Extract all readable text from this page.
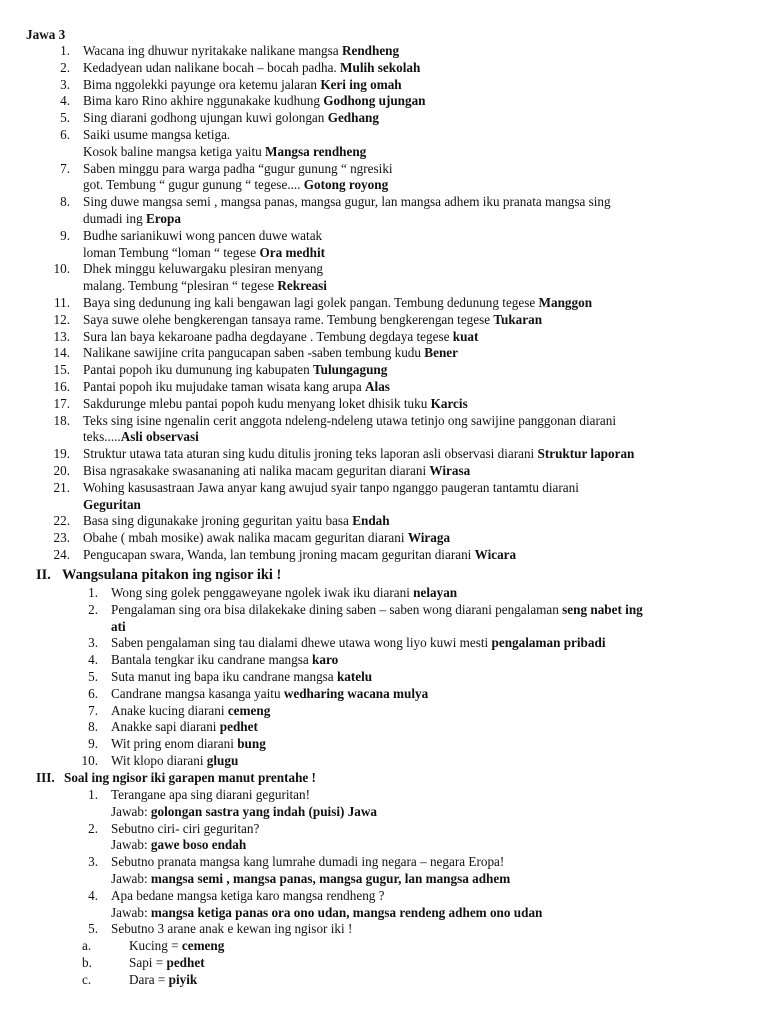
Jawa 3
1. Wacana ing dhuwur nyritakake nalikane mangsa Rendheng
2. Kedadyean udan nalikane bocah – bocah padha. Mulih sekolah
3. Bima nggolekki payunge ora ketemu jalaran Keri ing omah
4. Bima karo Rino akhire nggunakake kudhung Godhong ujungan
5. Sing diarani godhong ujungan kuwi golongan Gedhang
6. Saiki usume mangsa ketiga.
Kosok baline mangsa ketiga yaitu Mangsa rendheng
7. Saben minggu para warga padha “gugur gunung “ ngresiki
got. Tembung “ gugur gunung “ tegese.... Gotong royong
8. Sing duwe mangsa semi , mangsa panas, mangsa gugur, lan mangsa adhem iku pranata mangsa sing
dumadi ing Eropa
9. Budhe sarianikuwi wong pancen duwe watak
loman Tembung “loman “ tegese Ora medhit
10. Dhek minggu keluwargaku plesiran menyang
malang. Tembung “plesiran “ tegese Rekreasi
11. Baya sing dedunung ing kali bengawan lagi golek pangan. Tembung dedunung tegese Manggon
12. Saya suwe olehe bengkerengan tansaya rame. Tembung bengkerengan tegese Tukaran
13. Sura lan baya kekaroane padha degdayane . Tembung degdaya tegese kuat
14. Nalikane sawijine crita pangucapan saben -saben tembung kudu Bener
15. Pantai popoh iku dumunung ing kabupaten Tulungagung
16. Pantai popoh iku mujudake taman wisata kang arupa Alas
17. Sakdurunge mlebu pantai popoh kudu menyang loket dhisik tuku Karcis
18. Teks sing isine ngenalin cerit anggota ndeleng-ndeleng utawa tetinjo ong sawijine panggonan diarani
teks.....Asli observasi
19. Struktur utawa tata aturan sing kudu ditulis jroning teks laporan asli observasi diarani Struktur laporan
20. Bisa ngrasakake swasananing ati nalika macam geguritan diarani Wirasa
21. Wohing kasusastraan Jawa anyar kang awujud syair tanpo nganggo paugeran tantamtu diarani
Geguritan
22. Basa sing digunakake jroning geguritan yaitu basa Endah
23. Obahe ( mbah mosike) awak nalika macam geguritan diarani Wiraga
24. Pengucapan swara, Wanda, lan tembung jroning macam geguritan diarani Wicara
II. Wangsulana pitakon ing ngisor iki !
1. Wong sing golek penggaweyane ngolek iwak iku diarani nelayan
2. Pengalaman sing ora bisa dilakekake dining saben – saben wong diarani pengalaman seng nabet ing
ati
3. Saben pengalaman sing tau dialami dhewe utawa wong liyo kuwi mesti pengalaman pribadi
4. Bantala tengkar iku candrane mangsa karo
5. Suta manut ing bapa iku candrane mangsa katelu
6. Candrane mangsa kasanga yaitu wedharing wacana mulya
7. Anake kucing diarani cemeng
8. Anakke sapi diarani pedhet
9. Wit pring enom diarani bung
10. Wit klopo diarani glugu
III. Soal ing ngisor iki garapen manut prentahe !
1. Terangane apa sing diarani geguritan!
Jawab: golongan sastra yang indah (puisi) Jawa
2. Sebutno ciri- ciri geguritan?
Jawab: gawe boso endah
3. Sebutno pranata mangsa kang lumrahe dumadi ing negara – negara Eropa!
Jawab: mangsa semi , mangsa panas, mangsa gugur, lan mangsa adhem
4. Apa bedane mangsa ketiga karo mangsa rendheng ?
Jawab: mangsa ketiga panas ora ono udan, mangsa rendeng adhem ono udan
5. Sebutno 3 arane anak e kewan ing ngisor iki !
a.	Kucing = cemeng
b.	Sapi = pedhet
c.	Dara = piyik
